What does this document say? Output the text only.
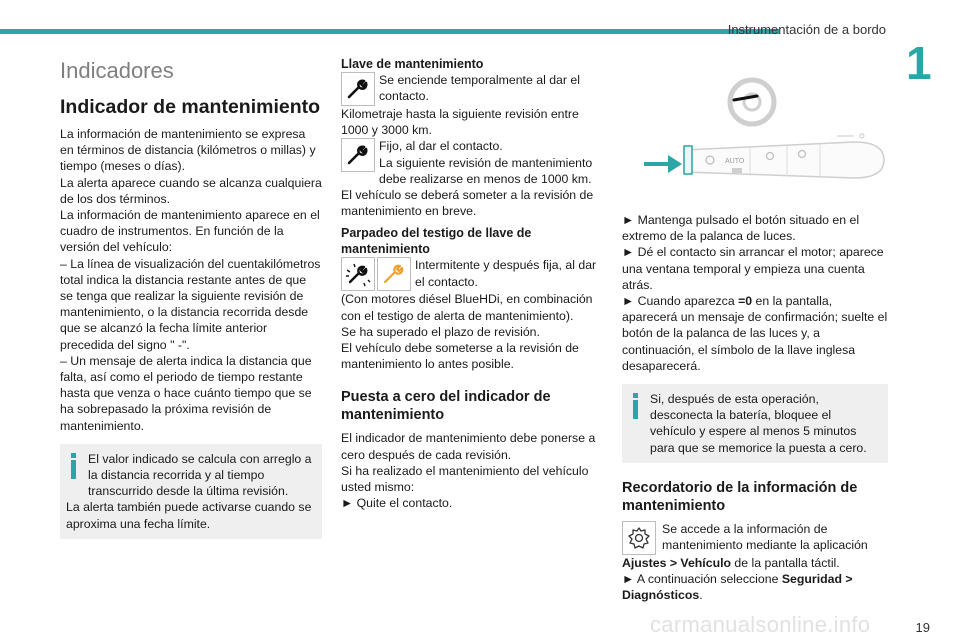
Instrumentación de a bordo
1

Indicadores

Indicador de mantenimiento

La información de mantenimiento se expresa en términos de distancia (kilómetros o millas) y tiempo (meses o días).

La alerta aparece cuando se alcanza cualquiera de los dos términos.

La información de mantenimiento aparece en el cuadro de instrumentos. En función de la versión del vehículo:

– La línea de visualización del cuentakilómetros total indica la distancia restante antes de que se tenga que realizar la siguiente revisión de mantenimiento, o la distancia recorrida desde que se alcanzó la fecha límite anterior precedida del signo " -".

– Un mensaje de alerta indica la distancia que falta, así como el periodo de tiempo restante hasta que venza o hace cuánto tiempo que se ha sobrepasado la próxima revisión de mantenimiento.

El valor indicado se calcula con arreglo a la distancia recorrida y al tiempo transcurrido desde la última revisión.

La alerta también puede activarse cuando se aproxima una fecha límite.

Llave de mantenimiento

Se enciende temporalmente al dar el contacto.

Kilometraje hasta la siguiente revisión entre 1000 y 3000 km.

Fijo, al dar el contacto.

La siguiente revisión de mantenimiento debe realizarse en menos de 1000 km.

El vehículo se deberá someter a la revisión de mantenimiento en breve.

Parpadeo del testigo de llave de mantenimiento

Intermitente y después fija, al dar el contacto.

(Con motores diésel BlueHDi, en combinación con el testigo de alerta de mantenimiento).

Se ha superado el plazo de revisión.

El vehículo debe someterse a la revisión de mantenimiento lo antes posible.

Puesta a cero del indicador de mantenimiento

El indicador de mantenimiento debe ponerse a cero después de cada revisión.

Si ha realizado el mantenimiento del vehículo usted mismo:

► Quite el contacto.

AUTO

► Mantenga pulsado el botón situado en el extremo de la palanca de luces.

► Dé el contacto sin arrancar el motor; aparece una ventana temporal y empieza una cuenta atrás.

► Cuando aparezca =0 en la pantalla, aparecerá un mensaje de confirmación; suelte el botón de la palanca de las luces y, a continuación, el símbolo de la llave inglesa desaparecerá.

Si, después de esta operación, desconecta la batería, bloquee el vehículo y espere al menos 5 minutos para que se memorice la puesta a cero.

Recordatorio de la información de mantenimiento

Se accede a la información de mantenimiento mediante la aplicación

Ajustes > Vehículo de la pantalla táctil.

► A continuación seleccione Seguridad > Diagnósticos.

19
carmanualsonline.info
